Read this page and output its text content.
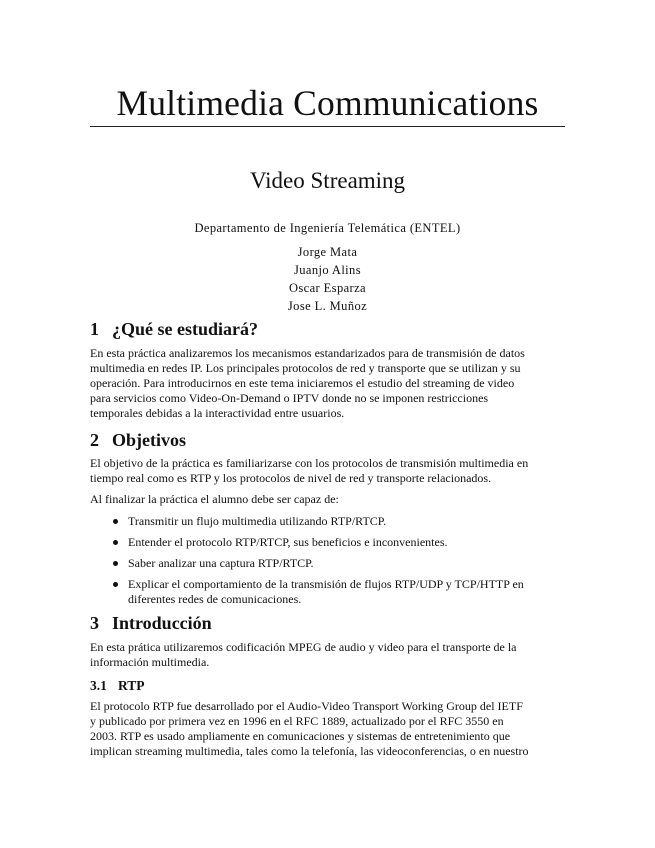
Multimedia Communications
Video Streaming
Departamento de Ingeniería Telemática (ENTEL)
Jorge Mata
Juanjo Alins
Oscar Esparza
Jose L. Muñoz
1 ¿Qué se estudiará?
En esta práctica analizaremos los mecanismos estandarizados para de transmisión de datos
multimedia en redes IP. Los principales protocolos de red y transporte que se utilizan y su
operación. Para introducirnos en este tema iniciaremos el estudio del streaming de video
para servicios como Video-On-Demand o IPTV donde no se imponen restricciones
temporales debidas a la interactividad entre usuarios.
2 Objetivos
El objetivo de la práctica es familiarizarse con los protocolos de transmisión multimedia en
tiempo real como es RTP y los protocolos de nivel de red y transporte relacionados.
Al finalizar la práctica el alumno debe ser capaz de:
Transmitir un flujo multimedia utilizando RTP/RTCP.
Entender el protocolo RTP/RTCP, sus beneficios e inconvenientes.
Saber analizar una captura RTP/RTCP.
Explicar el comportamiento de la transmisión de flujos RTP/UDP y TCP/HTTP en
diferentes redes de comunicaciones.
3 Introducción
En esta prática utilizaremos codificación MPEG de audio y video para el transporte de la
información multimedia.
3.1 RTP
El protocolo RTP fue desarrollado por el Audio-Video Transport Working Group del IETF
y publicado por primera vez en 1996 en el RFC 1889, actualizado por el RFC 3550 en
2003. RTP es usado ampliamente en comunicaciones y sistemas de entretenimiento que
implican streaming multimedia, tales como la telefonía, las videoconferencias, o en nuestro
